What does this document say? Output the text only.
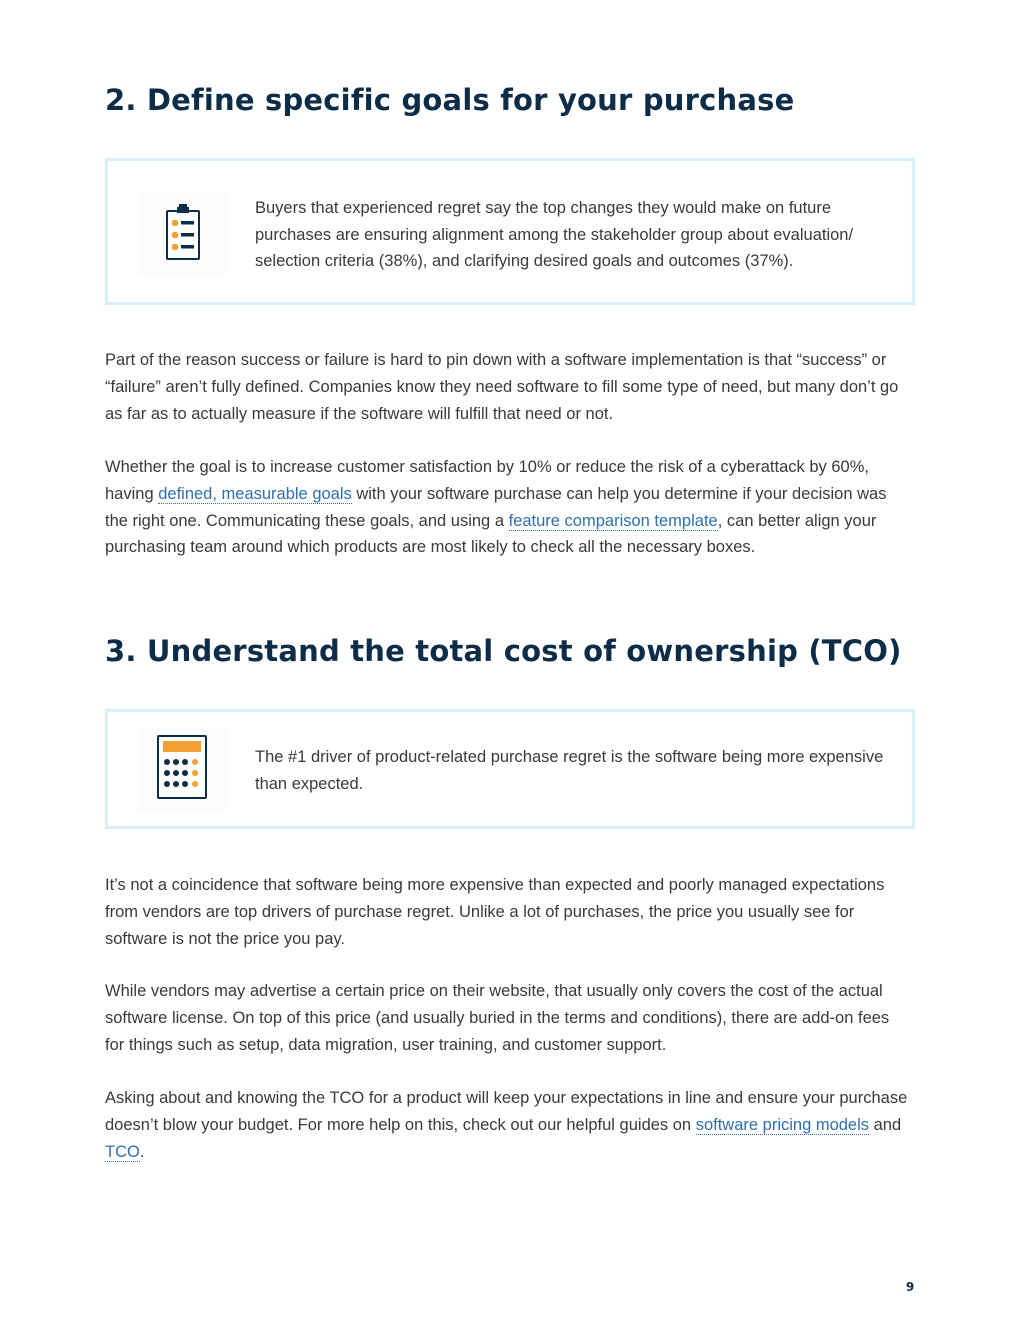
2. Define specific goals for your purchase
Buyers that experienced regret say the top changes they would make on future purchases are ensuring alignment among the stakeholder group about evaluation/ selection criteria (38%), and clarifying desired goals and outcomes (37%).

Part of the reason success or failure is hard to pin down with a software implementation is that “success” or “failure” aren’t fully defined. Companies know they need software to fill some type of need, but many don’t go as far as to actually measure if the software will fulfill that need or not.

Whether the goal is to increase customer satisfaction by 10% or reduce the risk of a cyberattack by 60%, having defined, measurable goals with your software purchase can help you determine if your decision was the right one. Communicating these goals, and using a feature comparison template, can better align your purchasing team around which products are most likely to check all the necessary boxes.

3. Understand the total cost of ownership (TCO)
The #1 driver of product-related purchase regret is the software being more expensive than expected.

It’s not a coincidence that software being more expensive than expected and poorly managed expectations from vendors are top drivers of purchase regret. Unlike a lot of purchases, the price you usually see for software is not the price you pay.

While vendors may advertise a certain price on their website, that usually only covers the cost of the actual software license. On top of this price (and usually buried in the terms and conditions), there are add-on fees for things such as setup, data migration, user training, and customer support.

Asking about and knowing the TCO for a product will keep your expectations in line and ensure your purchase doesn’t blow your budget. For more help on this, check out our helpful guides on software pricing models and TCO.

9
